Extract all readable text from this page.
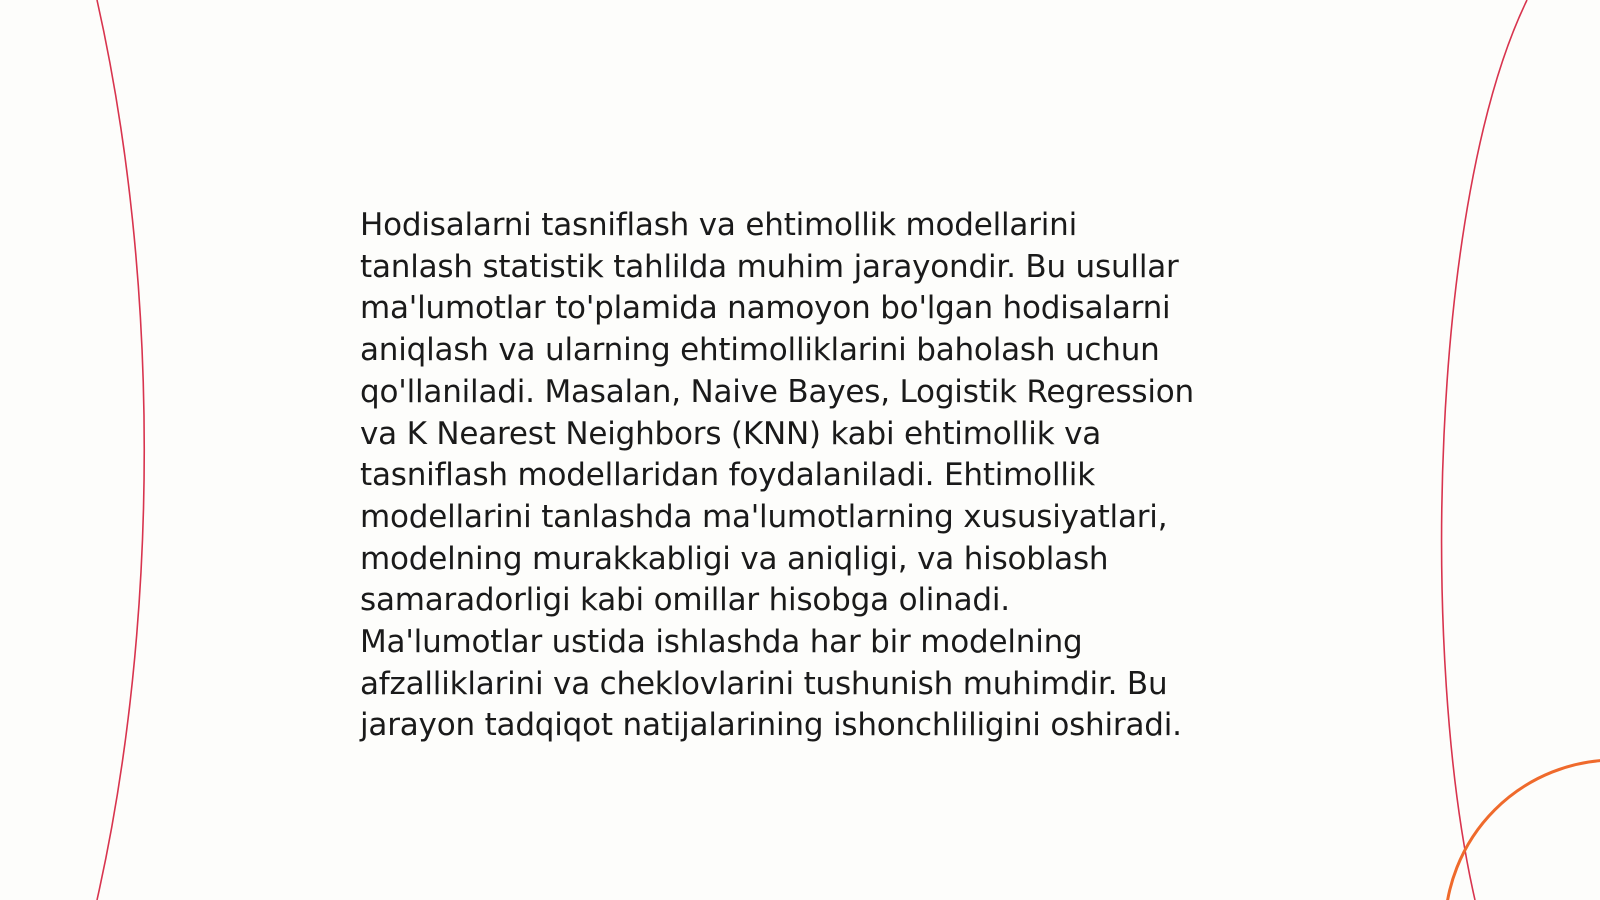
Hodisalarni tasniflash va ehtimollik modellarini
tanlash statistik tahlilda muhim jarayondir. Bu usullar
ma'lumotlar to'plamida namoyon bo'lgan hodisalarni
aniqlash va ularning ehtimolliklarini baholash uchun
qo'llaniladi. Masalan, Naive Bayes, Logistik Regression
va K Nearest Neighbors (KNN) kabi ehtimollik va
tasniflash modellaridan foydalaniladi. Ehtimollik
modellarini tanlashda ma'lumotlarning xususiyatlari,
modelning murakkabligi va aniqligi, va hisoblash
samaradorligi kabi omillar hisobga olinadi.
Ma'lumotlar ustida ishlashda har bir modelning
afzalliklarini va cheklovlarini tushunish muhimdir. Bu
jarayon tadqiqot natijalarining ishonchliligini oshiradi.
